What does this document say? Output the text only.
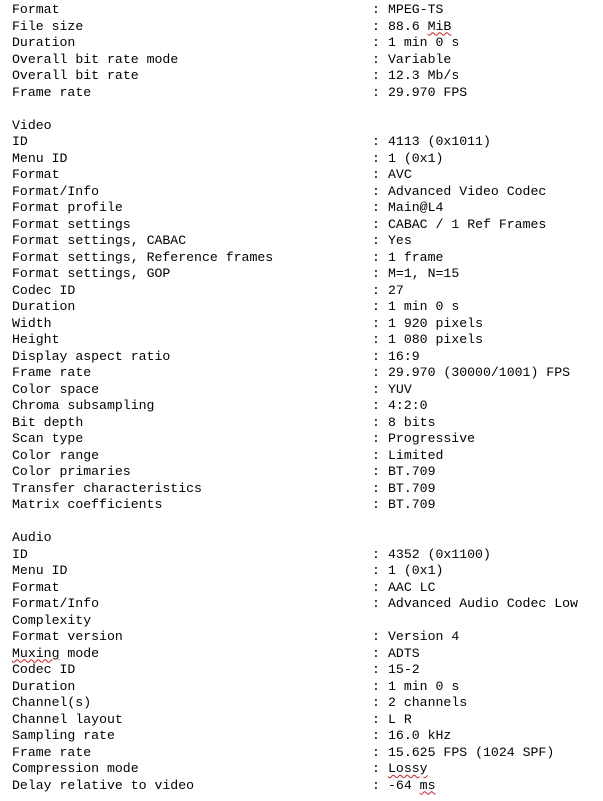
Format	: MPEG-TS
File size	: 88.6 MiB
Duration	: 1 min 0 s
Overall bit rate mode	: Variable
Overall bit rate	: 12.3 Mb/s
Frame rate	: 29.970 FPS
Video
ID	: 4113 (0x1011)
Menu ID	: 1 (0x1)
Format	: AVC
Format/Info	: Advanced Video Codec
Format profile	: Main@L4
Format settings	: CABAC / 1 Ref Frames
Format settings, CABAC	: Yes
Format settings, Reference frames	: 1 frame
Format settings, GOP	: M=1, N=15
Codec ID	: 27
Duration	: 1 min 0 s
Width	: 1 920 pixels
Height	: 1 080 pixels
Display aspect ratio	: 16:9
Frame rate	: 29.970 (30000/1001) FPS
Color space	: YUV
Chroma subsampling	: 4:2:0
Bit depth	: 8 bits
Scan type	: Progressive
Color range	: Limited
Color primaries	: BT.709
Transfer characteristics	: BT.709
Matrix coefficients	: BT.709
Audio
ID	: 4352 (0x1100)
Menu ID	: 1 (0x1)
Format	: AAC LC
Format/Info	: Advanced Audio Codec Low
Complexity
Format version	: Version 4
Muxing mode	: ADTS
Codec ID	: 15-2
Duration	: 1 min 0 s
Channel(s)	: 2 channels
Channel layout	: L R
Sampling rate	: 16.0 kHz
Frame rate	: 15.625 FPS (1024 SPF)
Compression mode	: Lossy
Delay relative to video	: -64 ms
